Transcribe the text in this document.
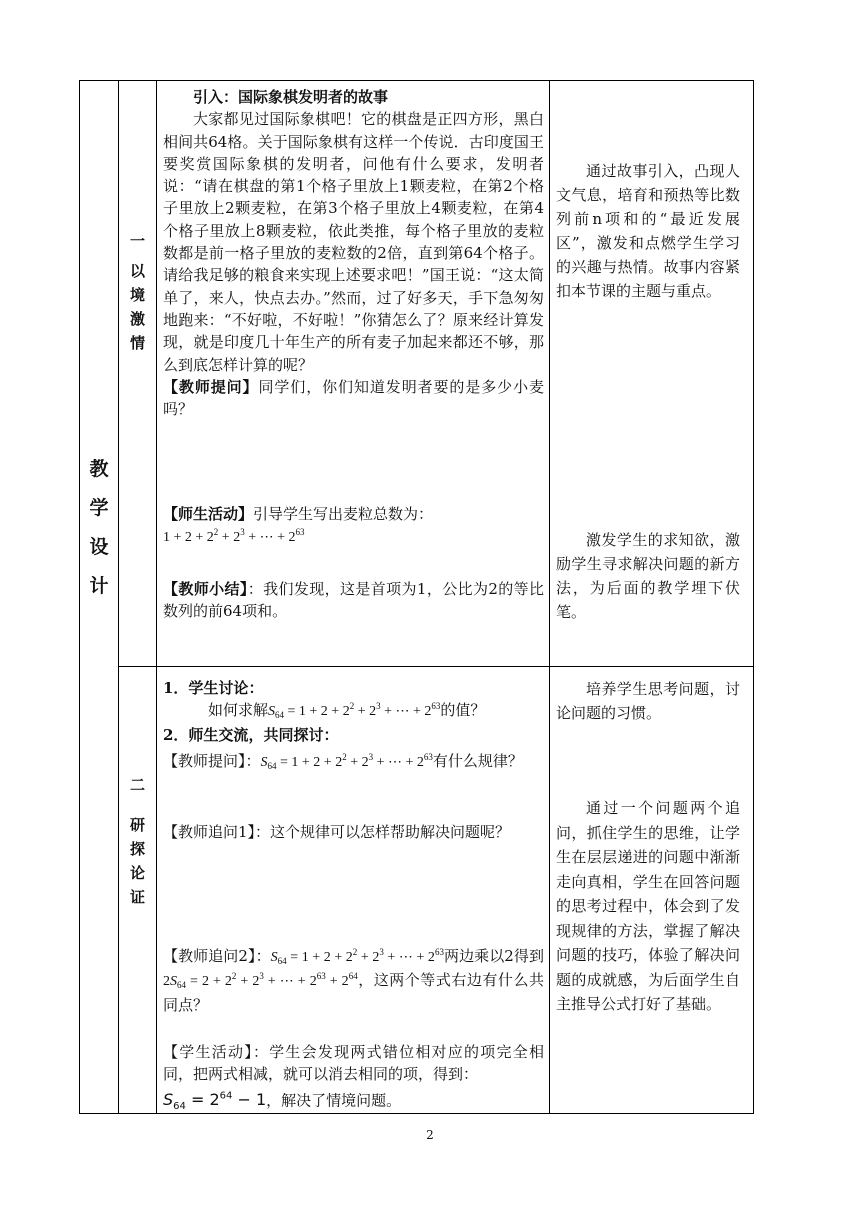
教
学
设
计
一
以
境
激
情
二
研
探
论
证

引入：国际象棋发明者的故事

大家都见过国际象棋吧！它的棋盘是正四方形，黑白相间共64格。关于国际象棋有这样一个传说．古印度国王要奖赏国际象棋的发明者，问他有什么要求，发明者说：“请在棋盘的第1个格子里放上1颗麦粒，在第2个格子里放上2颗麦粒，在第3个格子里放上4颗麦粒，在第4个格子里放上8颗麦粒，依此类推，每个格子里放的麦粒数都是前一格子里放的麦粒数的2倍，直到第64个格子。请给我足够的粮食来实现上述要求吧！”国王说：“这太简单了，来人，快点去办。”然而，过了好多天，手下急匆匆地跑来：“不好啦，不好啦！”你猜怎么了？原来经计算发现，就是印度几十年生产的所有麦子加起来都还不够，那么到底怎样计算的呢？

【教师提问】同学们，你们知道发明者要的是多少小麦吗？

【师生活动】引导学生写出麦粒总数为：

$1 + 2 + 2^2 + 2^3$ + ⋯ + $2^{63}$

【教师小结】：我们发现，这是首项为1，公比为2的等比数列的前64项和。

通过故事引入，凸现人文气息，培育和预热等比数列前n项和的“最近发展区”，激发和点燃学生学习的兴趣与热情。故事内容紧扣本节课的主题与重点。
激发学生的求知欲，激励学生寻求解决问题的新方法，为后面的教学埋下伏笔。

1．学生讨论：

如何求解$S_{64} = 1 + 2 + 2^2 + 2^3$ + ⋯ + $2^{63}$的值？

2．师生交流，共同探讨：

【教师提问】：$S_{64} = 1 + 2 + 2^2 + 2^3$ + ⋯ + $2^{63}$有什么规律？

【教师追问1】：这个规律可以怎样帮助解决问题呢？

【教师追问2】：$S_{64} = 1 + 2 + 2^2 + 2^3$ + ⋯ + $2^{63}$两边乘以2得到$2S_{64} = 2 + 2^2 + 2^3$ + ⋯ + $2^{63} + 2^{64}$，这两个等式右边有什么共同点？

【学生活动】：学生会发现两式错位相对应的项完全相同，把两式相减，就可以消去相同的项，得到：

$S_{64} = 2^{64} - 1$，解决了情境问题。

培养学生思考问题，讨论问题的习惯。
通过一个问题两个追问，抓住学生的思维，让学生在层层递进的问题中渐渐走向真相，学生在回答问题的思考过程中，体会到了发现规律的方法，掌握了解决问题的技巧，体验了解决问题的成就感，为后面学生自主推导公式打好了基础。
2
